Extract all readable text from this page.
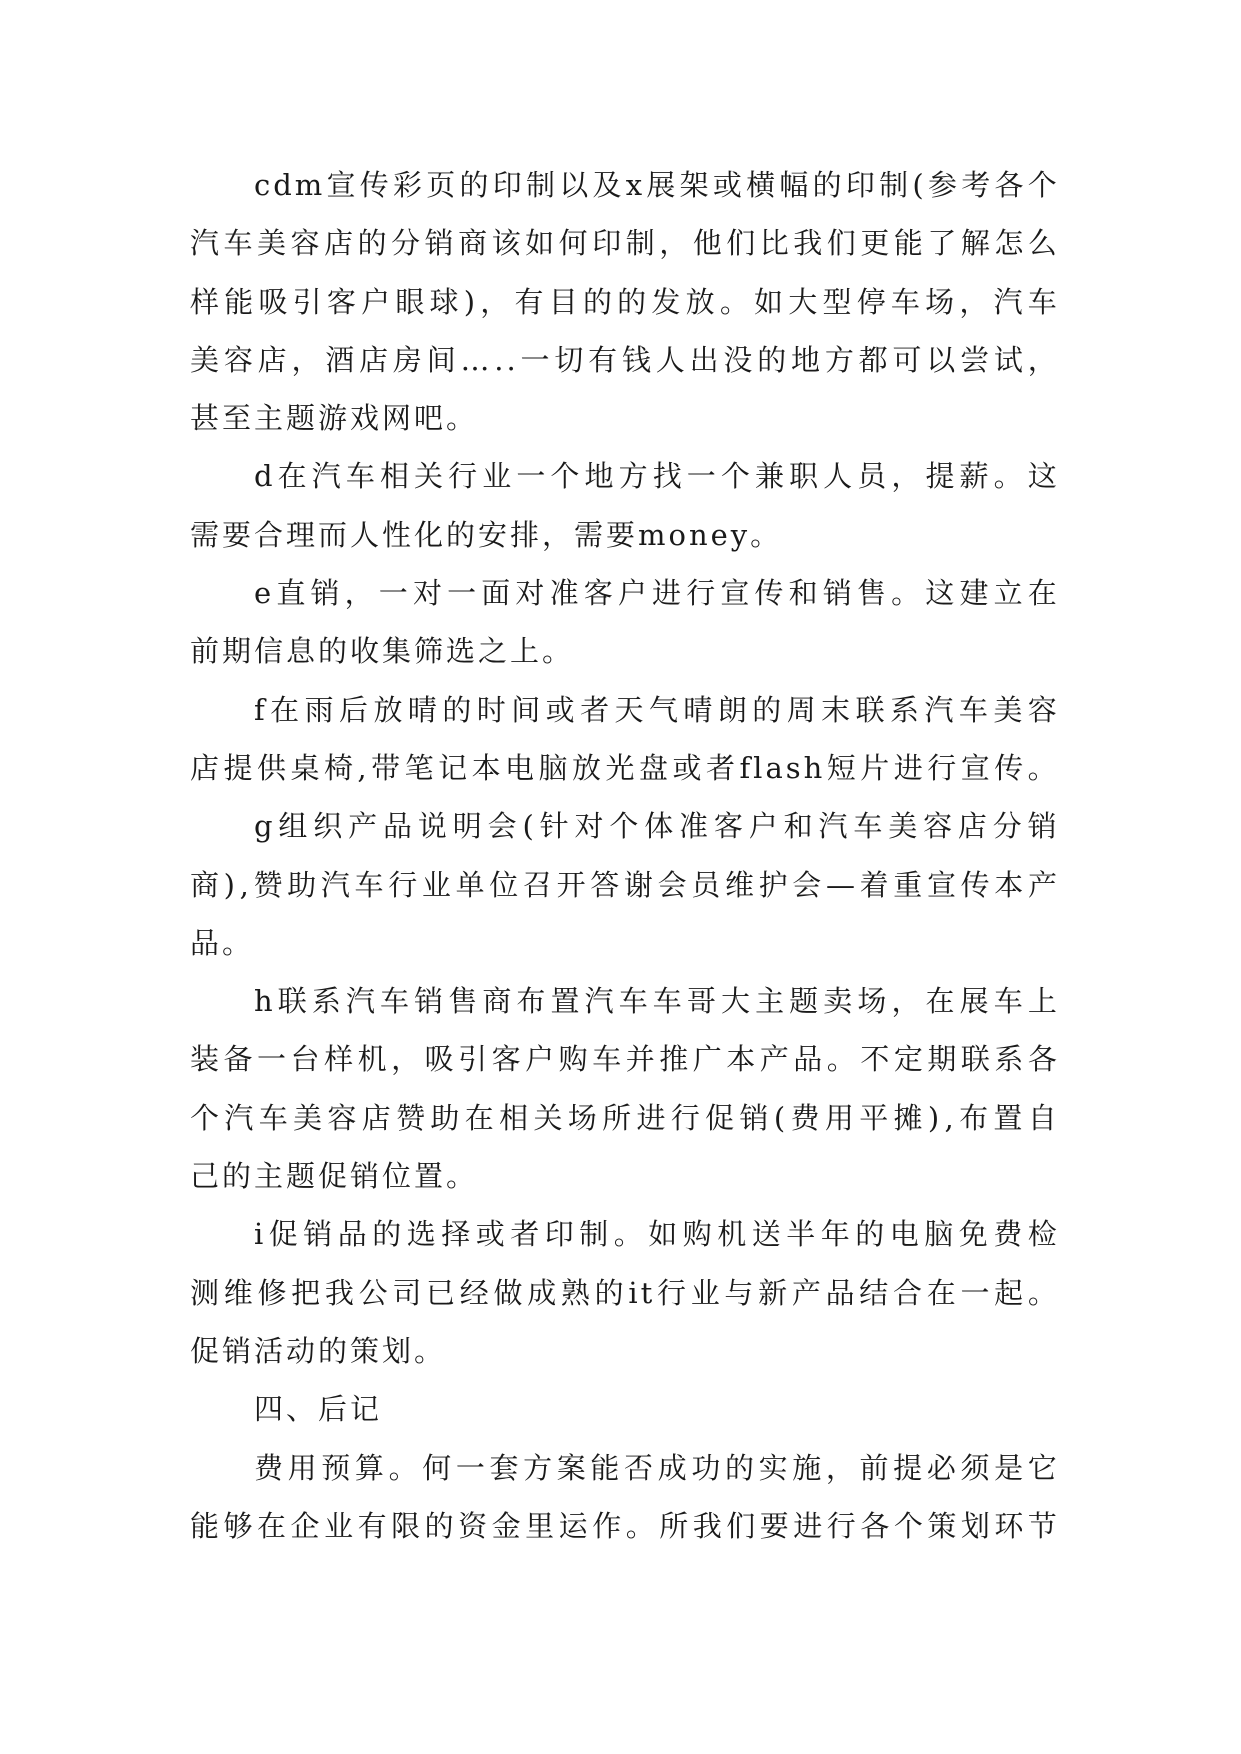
cdm 宣 传 彩 页 的 印 制 以 及 x 展 架 或 横 幅 的 印 制 ( 参 考 各 个
汽 车 美 容 店 的 分 销 商 该 如 何 印 制 ， 他 们 比 我 们 更 能 了 解 怎 么
样 能 吸 引 客 户 眼 球 ) ， 有 目 的 的 发 放 。 如 大 型 停 车 场 ， 汽 车
美 容 店 ， 酒 店 房 间 … .. 一 切 有 钱 人 出 没 的 地 方 都 可 以 尝 试 ，
甚至主题游戏网吧。
d 在 汽 车 相 关 行 业 一 个 地 方 找 一 个 兼 职 人 员 ， 提 薪 。 这
需要合理而人性化的安排，需要money。
e 直 销 ， 一 对 一 面 对 准 客 户 进 行 宣 传 和 销 售 。 这 建 立 在
前期信息的收集筛选之上。
f 在 雨 后 放 晴 的 时 间 或 者 天 气 晴 朗 的 周 末 联 系 汽 车 美 容
店 提 供 桌 椅 , 带 笔 记 本 电 脑 放 光 盘 或 者 flash 短 片 进 行 宣 传 。
g 组 织 产 品 说 明 会 ( 针 对 个 体 准 客 户 和 汽 车 美 容 店 分 销
商 ) , 赞 助 汽 车 行 业 单 位 召 开 答 谢 会 员 维 护 会 — 着 重 宣 传 本 产
品。
h 联 系 汽 车 销 售 商 布 置 汽 车 车 哥 大 主 题 卖 场 ， 在 展 车 上
装 备 一 台 样 机 ， 吸 引 客 户 购 车 并 推 广 本 产 品 。 不 定 期 联 系 各
个 汽 车 美 容 店 赞 助 在 相 关 场 所 进 行 促 销 ( 费 用 平 摊 ) , 布 置 自
己的主题促销位置。
i 促 销 品 的 选 择 或 者 印 制 。 如 购 机 送 半 年 的 电 脑 免 费 检
测 维 修 把 我 公 司 已 经 做 成 熟 的 it 行 业 与 新 产 品 结 合 在 一 起 。
促销活动的策划。
四、后记
费 用 预 算 。 何 一 套 方 案 能 否 成 功 的 实 施 ， 前 提 必 须 是 它
能 够 在 企 业 有 限 的 资 金 里 运 作 。 所 我 们 要 进 行 各 个 策 划 环 节
